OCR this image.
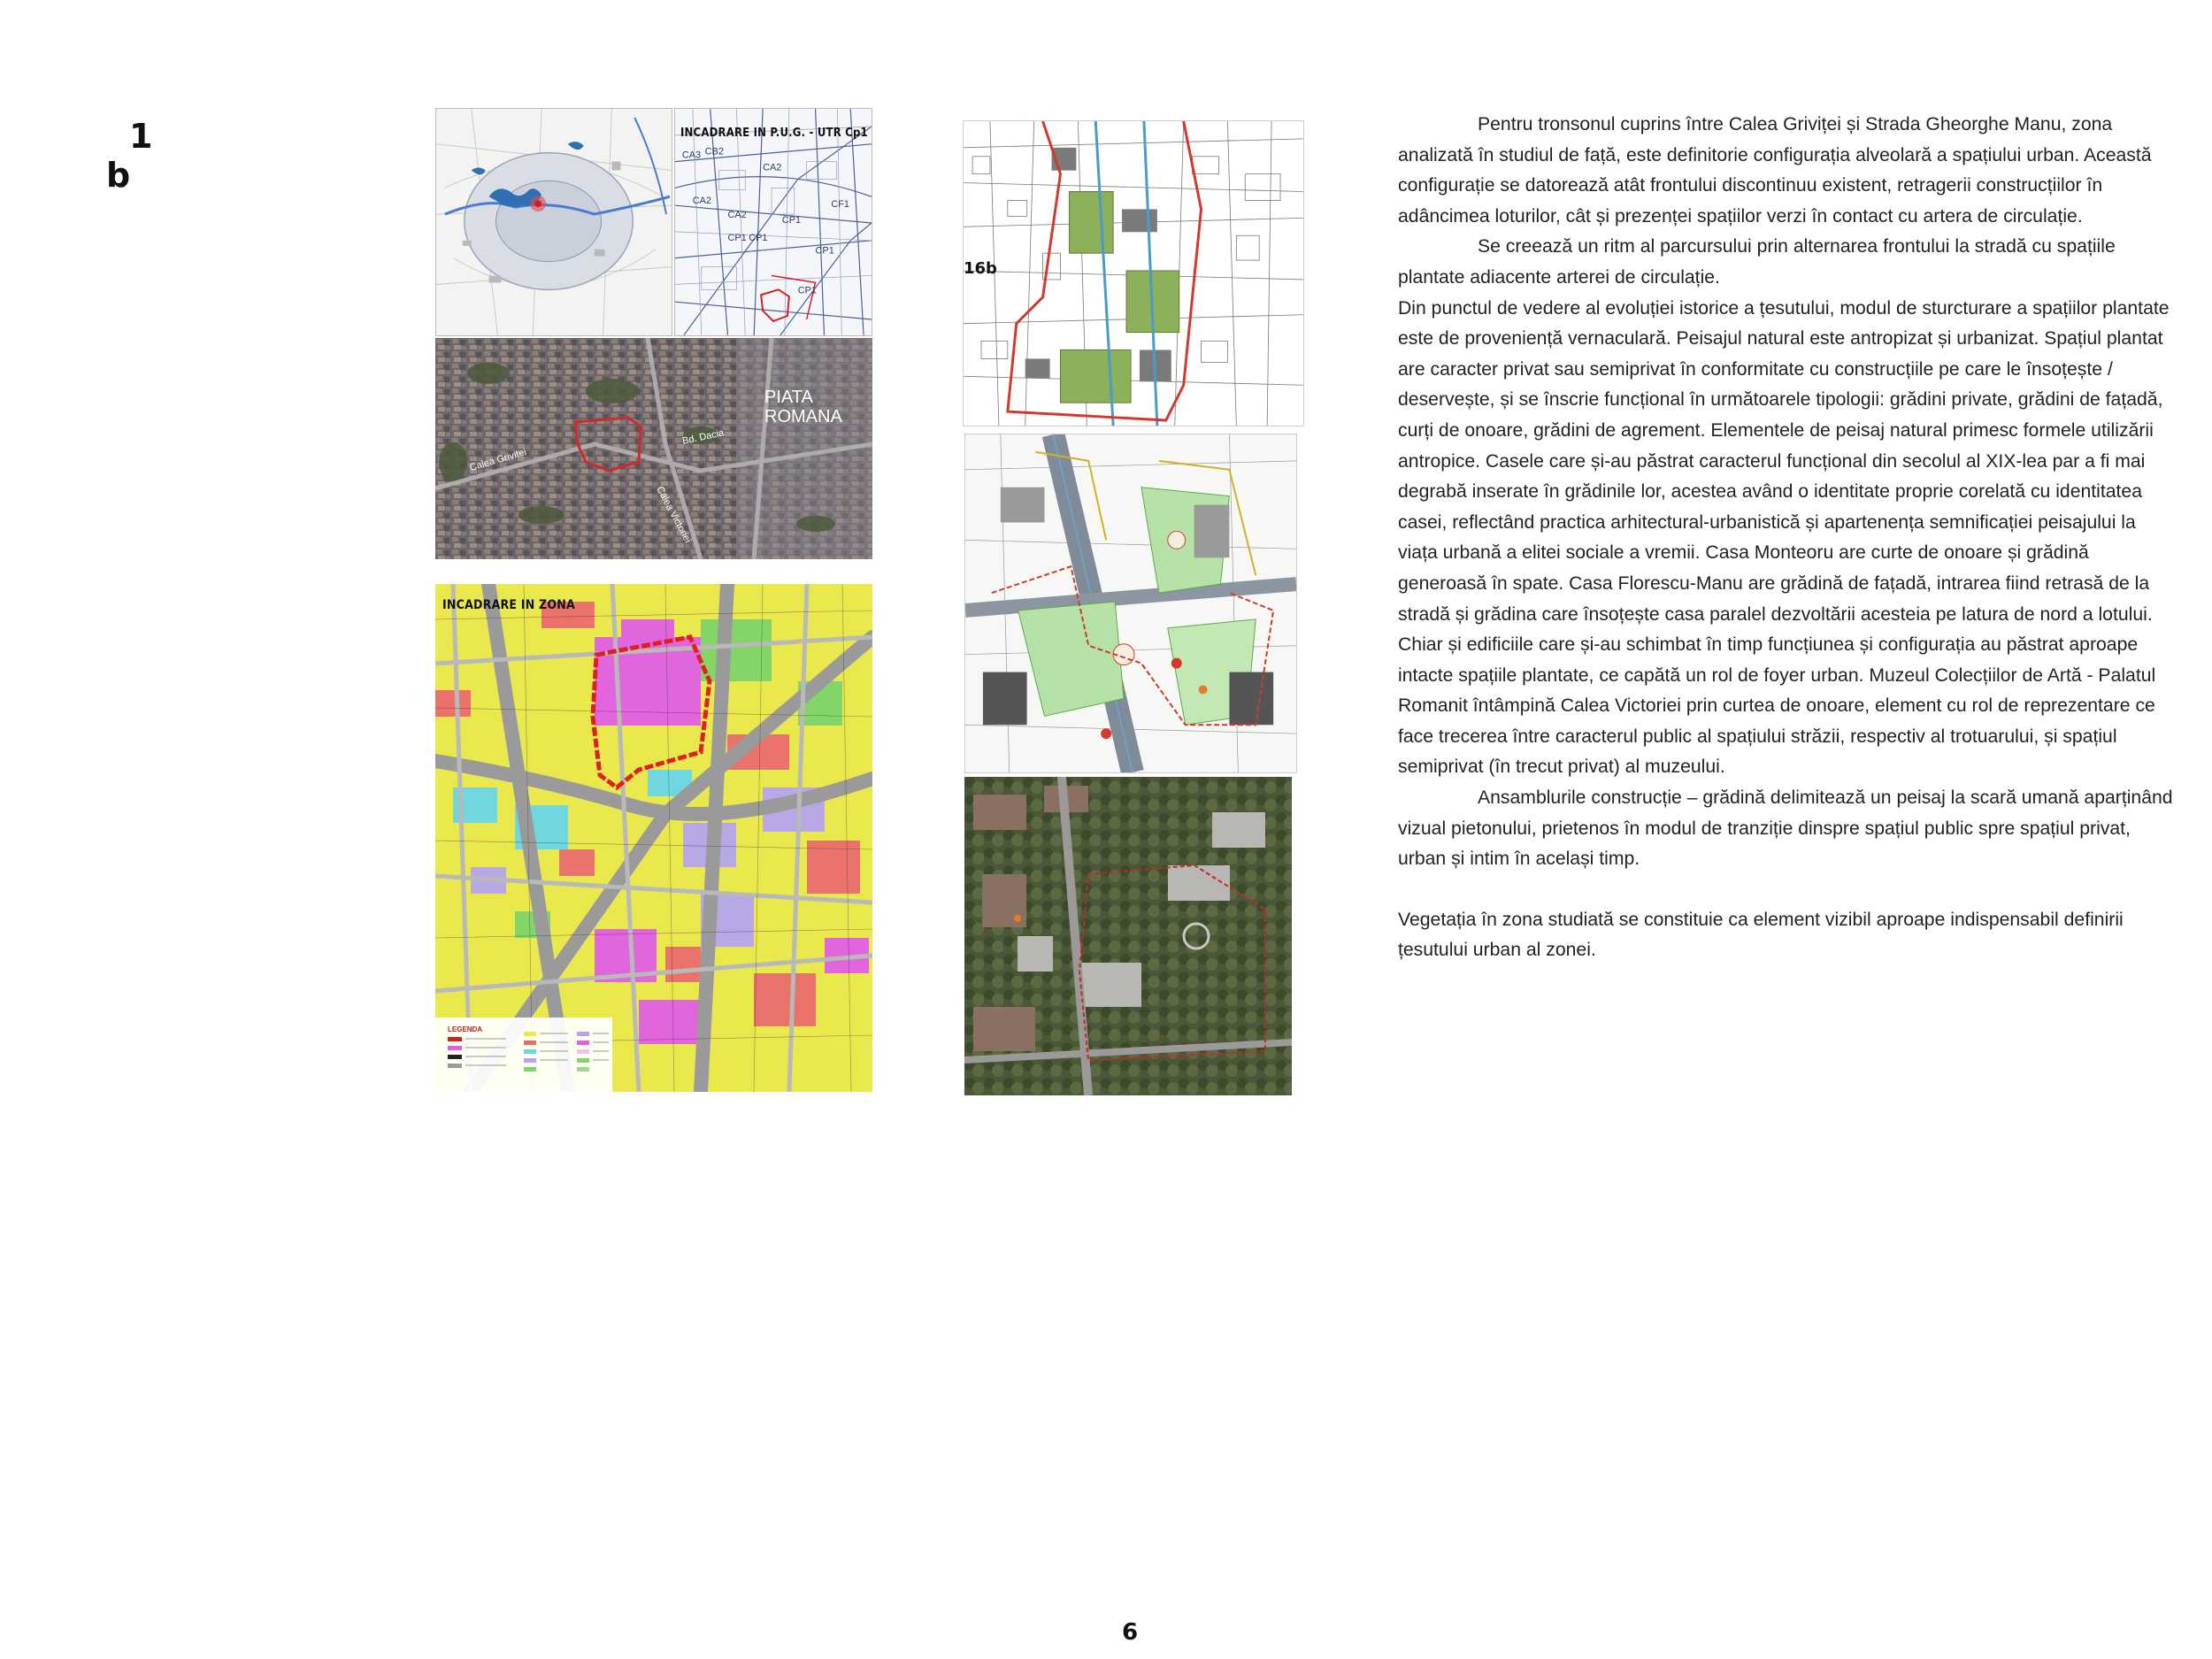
1
b
CA3 CB2
CA2
CA2
CA2
CP1
CP1
CP1
CF1
CP1
CP1
INCADRARE IN P.U.G. - UTR Cp1
Calea Grivitei
Bd. Dacia
Calea Victoriei
PIATA ROMANA
LEGENDA
INCADRARE IN ZONA
16b

Pentru tronsonul cuprins între Calea Griviței și Strada Gheorghe Manu, zona analizată în studiul de față, este definitorie configurația alveolară a spațiului urban. Această configurație se datorează atât frontului discontinuu existent, retragerii construcțiilor în adâncimea loturilor, cât și prezenței spațiilor verzi în contact cu artera de circulație.

Se creează un ritm al parcursului prin alternarea frontului la stradă cu spațiile plantate adiacente arterei de circulație.

Din punctul de vedere al evoluției istorice a țesutului, modul de sturcturare a spațiilor plantate este de proveniență vernaculară. Peisajul natural este antropizat și urbanizat. Spațiul plantat are caracter privat sau semiprivat în conformitate cu construcțiile pe care le însoțește / deservește, și se înscrie funcțional în următoarele tipologii: grădini private, grădini de fațadă, curți de onoare, grădini de agrement. Elementele de peisaj natural primesc formele utilizării antropice. Casele care și-au păstrat caracterul funcțional din secolul al XIX-lea par a fi mai degrabă inserate în grădinile lor, acestea având o identitate proprie corelată cu identitatea casei, reflectând practica arhitectural-urbanistică și apartenența semnificației peisajului la viața urbană a elitei sociale a vremii. Casa Monteoru are curte de onoare și grădină generoasă în spate. Casa Florescu-Manu are grădină de fațadă, intrarea fiind retrasă de la stradă și grădina care însoțește casa paralel dezvoltării acesteia pe latura de nord a lotului. Chiar și edificiile care și-au schimbat în timp funcțiunea și configurația au păstrat aproape intacte spațiile plantate, ce capătă un rol de foyer urban. Muzeul Colecțiilor de Artă - Palatul Romanit întâmpină Calea Victoriei prin curtea de onoare, element cu rol de reprezentare ce face trecerea între caracterul public al spațiului străzii, respectiv al trotuarului, și spațiul semiprivat (în trecut privat) al muzeului.

Ansamblurile construcție – grădină delimitează un peisaj la scară umană aparținând vizual pietonului, prietenos în modul de tranziție dinspre spațiul public spre spațiul privat, urban și intim în același timp.

Vegetația în zona studiată se constituie ca element vizibil aproape indispensabil definirii țesutului urban al zonei.

6
